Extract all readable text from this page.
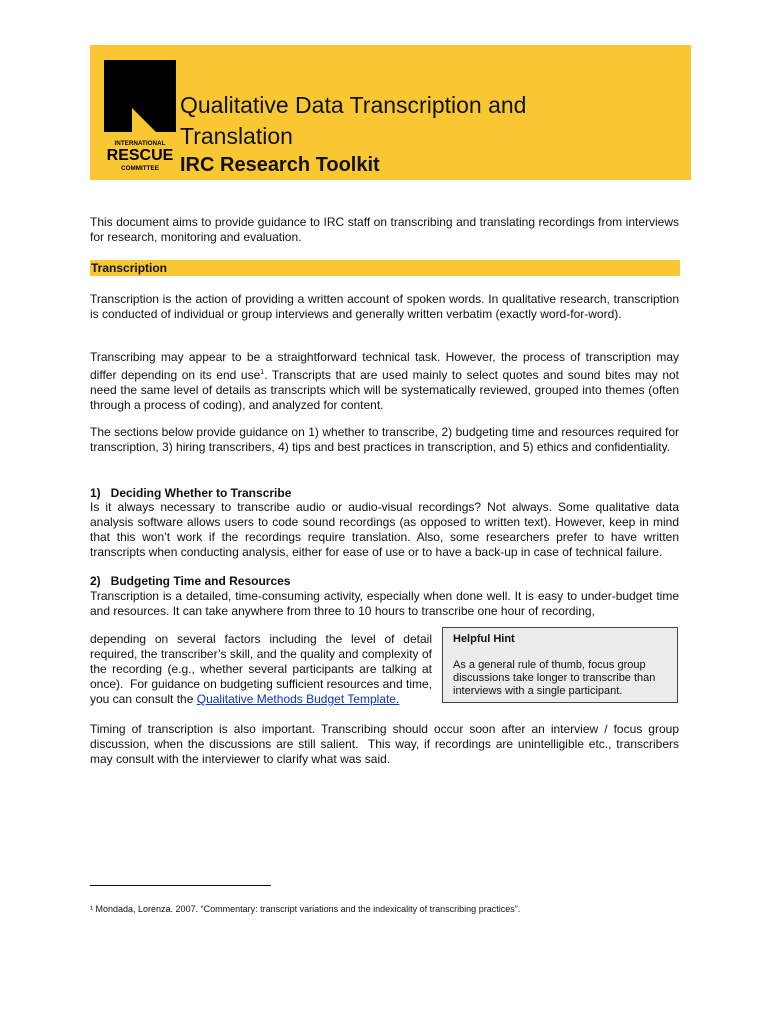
INTERNATIONAL
RESCUE
COMMITTEE
Qualitative Data Transcription and
Translation
IRC Research Toolkit

This document aims to provide guidance to IRC staff on transcribing and translating recordings from interviews for research, monitoring and evaluation.

Transcription

Transcription is the action of providing a written account of spoken words. In qualitative research, transcription is conducted of individual or group interviews and generally written verbatim (exactly word-for-word).

Transcribing may appear to be a straightforward technical task. However, the process of transcription may differ depending on its end use$^1$. Transcripts that are used mainly to select quotes and sound bites may not need the same level of details as transcripts which will be systematically reviewed, grouped into themes (often through a process of coding), and analyzed for content.

The sections below provide guidance on 1) whether to transcribe, 2) budgeting time and resources required for transcription, 3) hiring transcribers, 4) tips and best practices in transcription, and 5) ethics and confidentiality.

1)   Deciding Whether to Transcribe

Is it always necessary to transcribe audio or audio-visual recordings? Not always. Some qualitative data analysis software allows users to code sound recordings (as opposed to written text). However, keep in mind that this won’t work if the recordings require translation. Also, some researchers prefer to have written transcripts when conducting analysis, either for ease of use or to have a back-up in case of technical failure.

2)   Budgeting Time and Resources

Transcription is a detailed, time-consuming activity, especially when done well. It is easy to under-budget time and resources. It can take anywhere from three to 10 hours to transcribe one hour of recording,

depending on several factors including the level of detail required, the transcriber’s skill, and the quality and complexity of the recording (e.g., whether several participants are talking at once).  For guidance on budgeting sufficient resources and time, you can consult the Qualitative Methods Budget Template.

Helpful Hint

As a general rule of thumb, focus group discussions take longer to transcribe than interviews with a single participant.

Timing of transcription is also important. Transcribing should occur soon after an interview / focus group discussion, when the discussions are still salient.  This way, if recordings are unintelligible etc., transcribers may consult with the interviewer to clarify what was said.

¹ Mondada, Lorenza. 2007. “Commentary: transcript variations and the indexicality of transcribing practices”.
